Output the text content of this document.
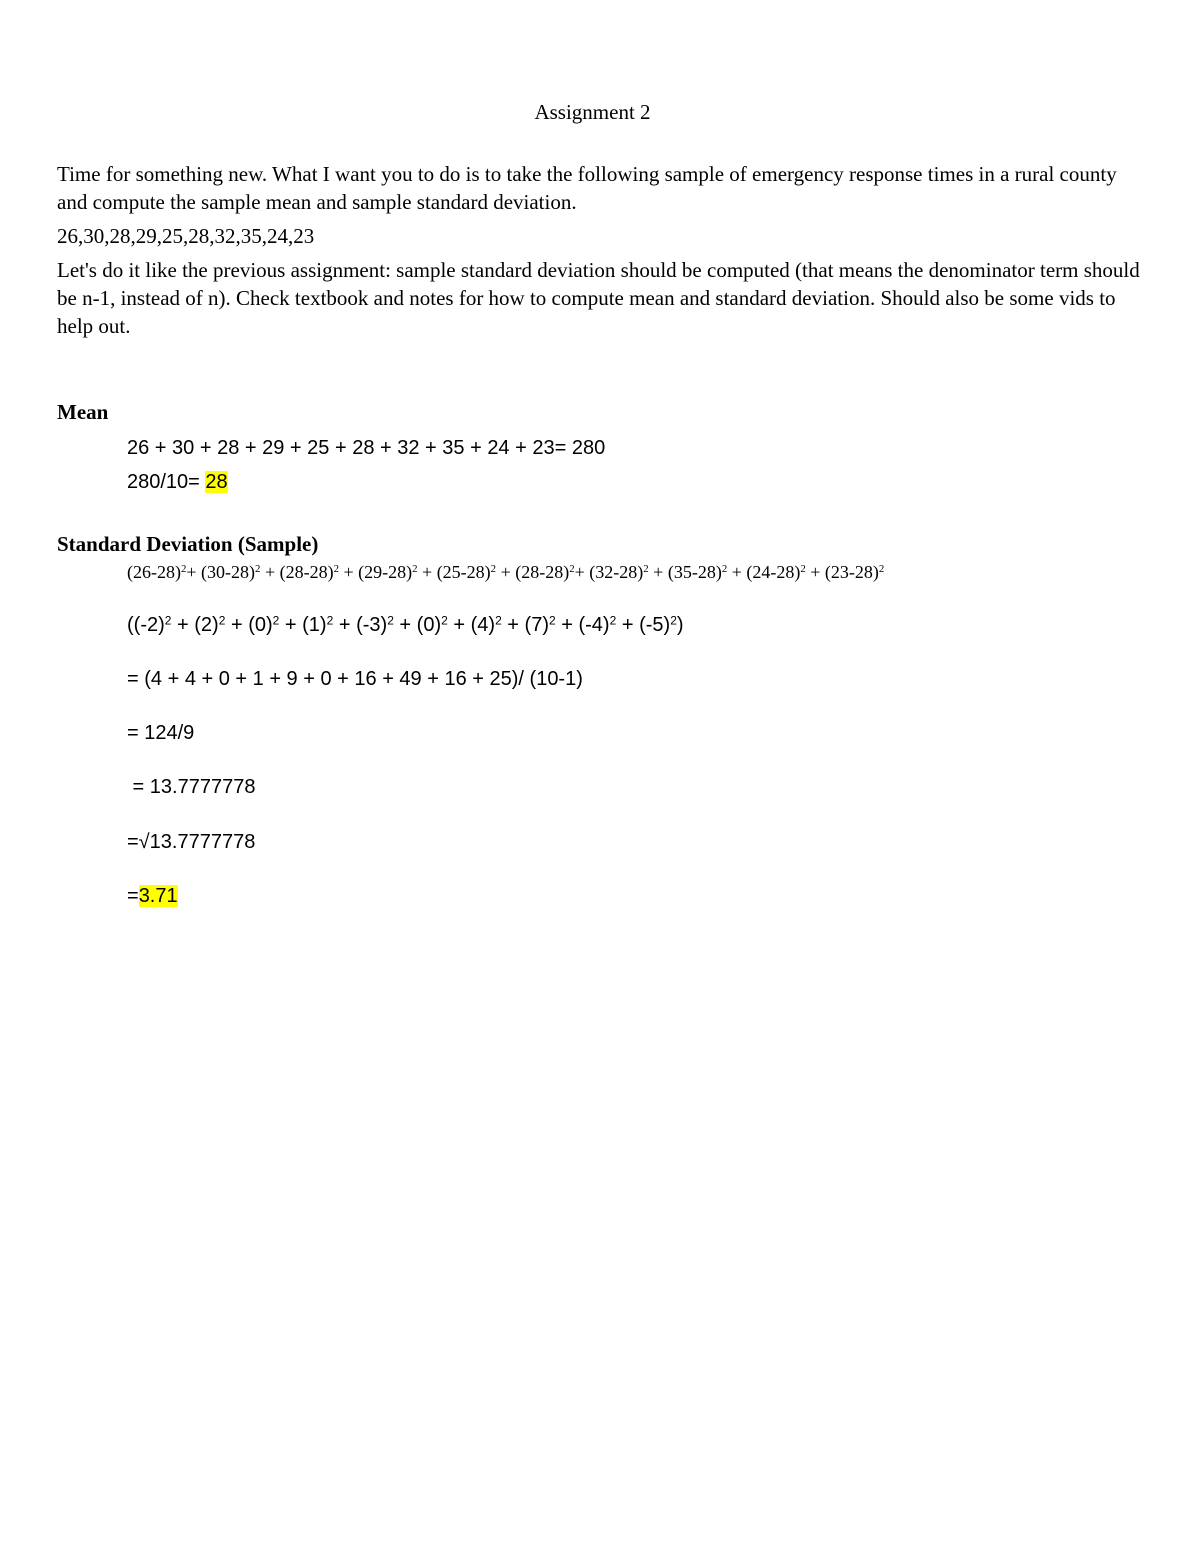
Assignment 2

Time for something new. What I want you to do is to take the following sample of emergency response times in a rural county and compute the sample mean and sample standard deviation.

26,30,28,29,25,28,32,35,24,23

Let's do it like the previous assignment: sample standard deviation should be computed (that means the denominator term should be n-1, instead of n). Check textbook and notes for how to compute mean and standard deviation. Should also be some vids to help out.

Mean
26 + 30 + 28 + 29 + 25 + 28 + 32 + 35 + 24 + 23= 280
280/10= 28
Standard Deviation (Sample)
$(26-28)^2+ (30-28)^2 + (28-28)^2 + (29-28)^2 + (25-28)^2 + (28-28)^2+ (32-28)^2 + (35-28)^2 + (24-28)^2 + (23-28)^2$
$((-2)^2 + (2)^2 + (0)^2 + (1)^2 + (-3)^2 + (0)^2 + (4)^2 + (7)^2 + (-4)^2 + (-5)^2)$
= (4 + 4 + 0 + 1 + 9 + 0 + 16 + 49 + 16 + 25)/ (10-1)
= 124/9
= 13.7777778
=√13.7777778
=3.71
